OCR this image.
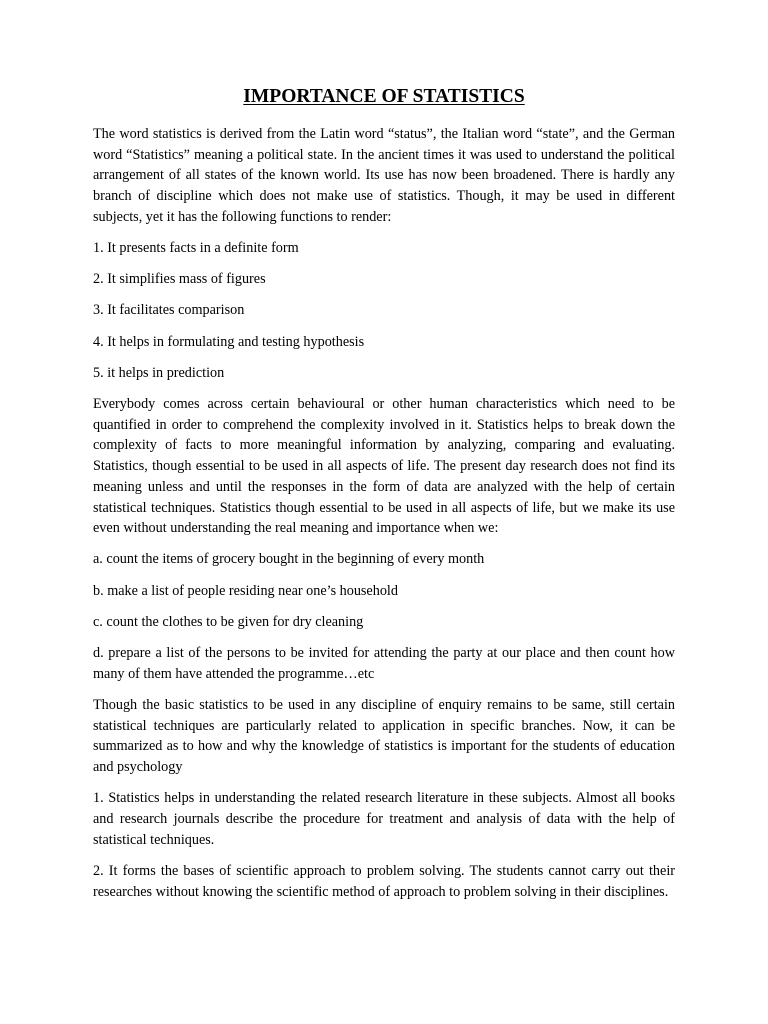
IMPORTANCE OF STATISTICS

The word statistics is derived from the Latin word “status”, the Italian word “state”, and the German word “Statistics” meaning a political state. In the ancient times it was used to understand the political arrangement of all states of the known world. Its use has now been broadened. There is hardly any branch of discipline which does not make use of statistics. Though, it may be used in different subjects, yet it has the following functions to render:

1. It presents facts in a definite form

2. It simplifies mass of figures

3. It facilitates comparison

4. It helps in formulating and testing hypothesis

5. it helps in prediction

Everybody comes across certain behavioural or other human characteristics which need to be quantified in order to comprehend the complexity involved in it. Statistics helps to break down the complexity of facts to more meaningful information by analyzing, comparing and evaluating. Statistics, though essential to be used in all aspects of life. The present day research does not find its meaning unless and until the responses in the form of data are analyzed with the help of certain statistical techniques. Statistics though essential to be used in all aspects of life, but we make its use even without understanding the real meaning and importance when we:

a. count the items of grocery bought in the beginning of every month

b. make a list of people residing near one’s household

c. count the clothes to be given for dry cleaning

d. prepare a list of the persons to be invited for attending the party at our place and then count how many of them have attended the programme…etc

Though the basic statistics to be used in any discipline of enquiry remains to be same, still certain statistical techniques are particularly related to application in specific branches. Now, it can be summarized as to how and why the knowledge of statistics is important for the students of education and psychology

1. Statistics helps in understanding the related research literature in these subjects. Almost all books and research journals describe the procedure for treatment and analysis of data with the help of statistical techniques.

2. It forms the bases of scientific approach to problem solving. The students cannot carry out their researches without knowing the scientific method of approach to problem solving in their disciplines.
